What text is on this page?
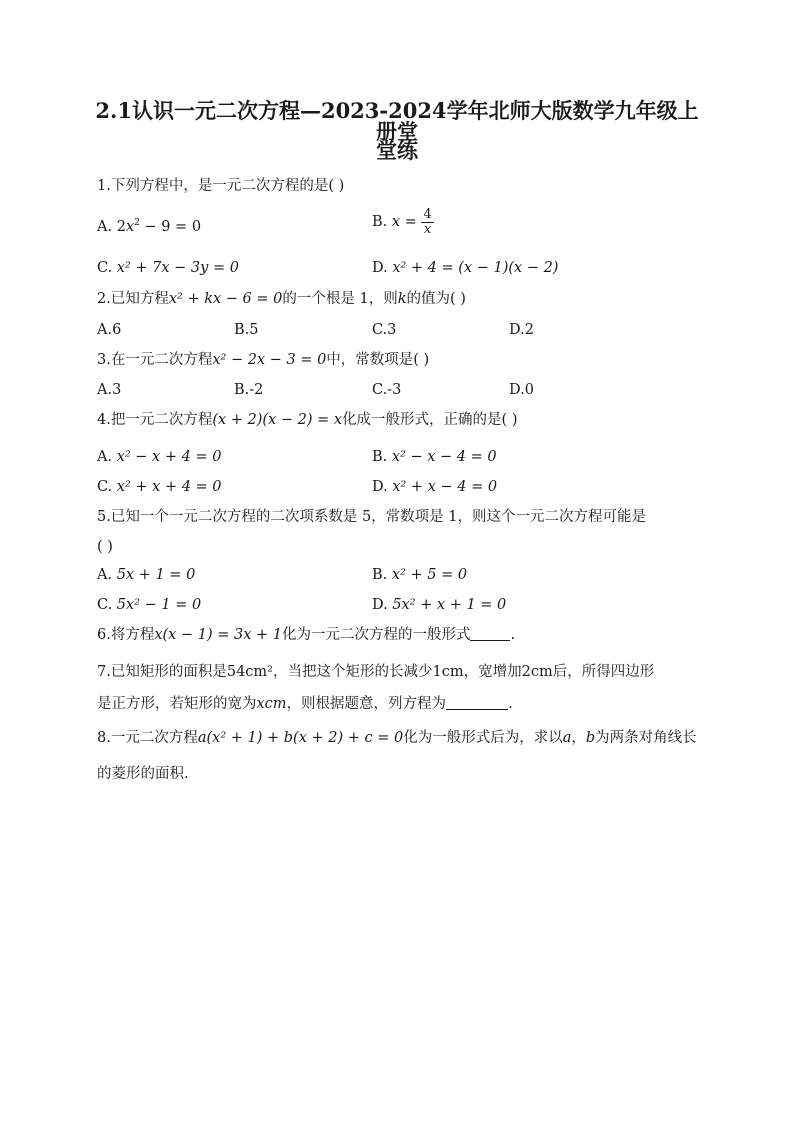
2.1认识一元二次方程—2023-2024学年北师大版数学九年级上册堂
堂练
1.下列方程中，是一元二次方程的是( )
A. $2x^2 - 9 = 0$	B. $x = \frac{4}{x}$
C. x² + 7x − 3y = 0	D. x² + 4 = (x − 1)(x − 2)
2.已知方程x² + kx − 6 = 0的一个根是 1，则k的值为( )
A.6	B.5	C.3	D.2
3.在一元二次方程x² − 2x − 3 = 0中，常数项是( )
A.3	B.-2	C.-3	D.0
4.把一元二次方程(x + 2)(x − 2) = x化成一般形式，正确的是( )
A. x² − x + 4 = 0	B. x² − x − 4 = 0
C. x² + x + 4 = 0	D. x² + x − 4 = 0
5.已知一个一元二次方程的二次项系数是 5，常数项是 1，则这个一元二次方程可能是
( )
A. 5x + 1 = 0	B. x² + 5 = 0
C. 5x² − 1 = 0	D. 5x² + x + 1 = 0
6.将方程x(x − 1) = 3x + 1化为一元二次方程的一般形式	.
7.已知矩形的面积是54cm²，当把这个矩形的长减少1cm，宽增加2cm后，所得四边形
是正方形，若矩形的宽为xcm，则根据题意，列方程为	.
8.一元二次方程a(x² + 1) + b(x + 2) + c = 0化为一般形式后为，求以a，b为两条对角线长
的菱形的面积.
